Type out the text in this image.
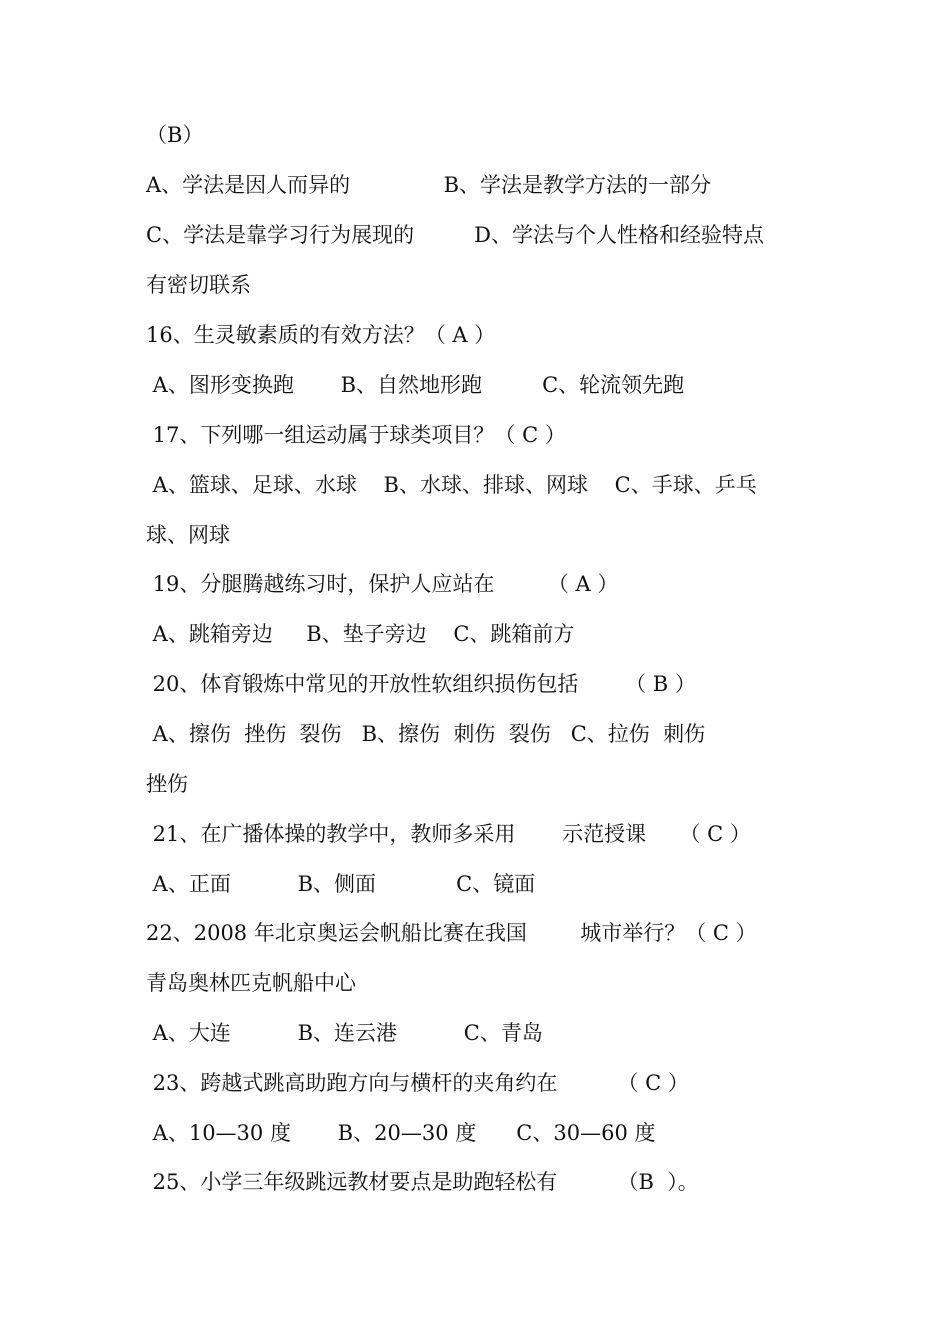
（B）
A、学法是因人而异的              B、学法是教学方法的一部分
C、学法是靠学习行为展现的         D、学法与个人性格和经验特点
有密切联系
16、生灵敏素质的有效方法？（ A ）
A、图形变换跑       B、自然地形跑         C、轮流领先跑
17、下列哪一组运动属于球类项目？（ C ）
A、篮球、足球、水球    B、水球、排球、网球    C、手球、乒乓
球、网球
19、分腿腾越练习时，保护人应站在        （ A ）
A、跳箱旁边     B、垫子旁边    C、跳箱前方
20、体育锻炼中常见的开放性软组织损伤包括       （ B ）
A、擦伤  挫伤  裂伤   B、擦伤  刺伤  裂伤   C、拉伤  刺伤
挫伤
21、在广播体操的教学中，教师多采用       示范授课     （ C ）
A、正面          B、侧面            C、镜面
22、2008 年北京奥运会帆船比赛在我国        城市举行？（ C ）
青岛奥林匹克帆船中心
A、大连          B、连云港          C、青岛
23、跨越式跳高助跑方向与横杆的夹角约在         （ C ）
A、10—30 度       B、20—30 度      C、30—60 度
25、小学三年级跳远教材要点是助跑轻松有         （B  ）。
